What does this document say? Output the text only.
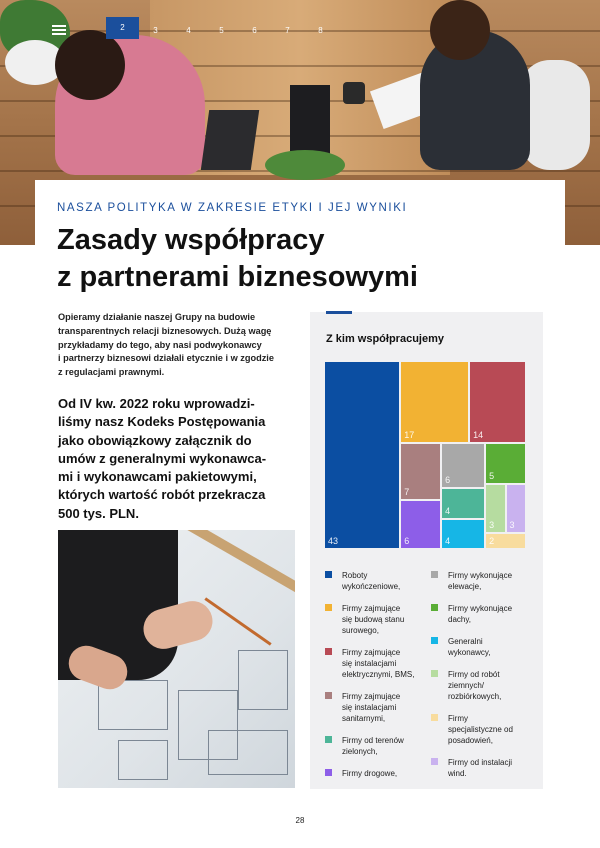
2	3	4	5	6	7	8
NASZA POLITYKA W ZAKRESIE ETYKI I JEJ WYNIKI
Zasady współpracy
z partnerami biznesowymi
Opieramy działanie naszej Grupy na budowie
transparentnych relacji biznesowych. Dużą wagę
przykładamy do tego, aby nasi podwykonawcy
i partnerzy biznesowi działali etycznie i w zgodzie
z regulacjami prawnymi.
Od IV kw. 2022 roku wprowadzi-
liśmy nasz Kodeks Postępowania
jako obowiązkowy załącznik do
umów z generalnymi wykonawca-
mi i wykonawcami pakietowymi,
których wartość robót przekracza
500 tys. PLN.
Z kim współpracujemy
43
17	14
7
6	5
4
6	4
3 3
2
Roboty
wykończeniowe,
Firmy zajmujące
się budową stanu
surowego,
Firmy zajmujące
się instalacjami
elektrycznymi, BMS,
Firmy zajmujące
się instalacjami
sanitarnymi,
Firmy od terenów
zielonych,
Firmy drogowe,
Firmy wykonujące
elewacje,
Firmy wykonujące
dachy,
Generalni
wykonawcy,
Firmy od robót
ziemnych/
rozbiórkowych,
Firmy
specjalistyczne od
posadowień,
Firmy od instalacji
wind.
28
